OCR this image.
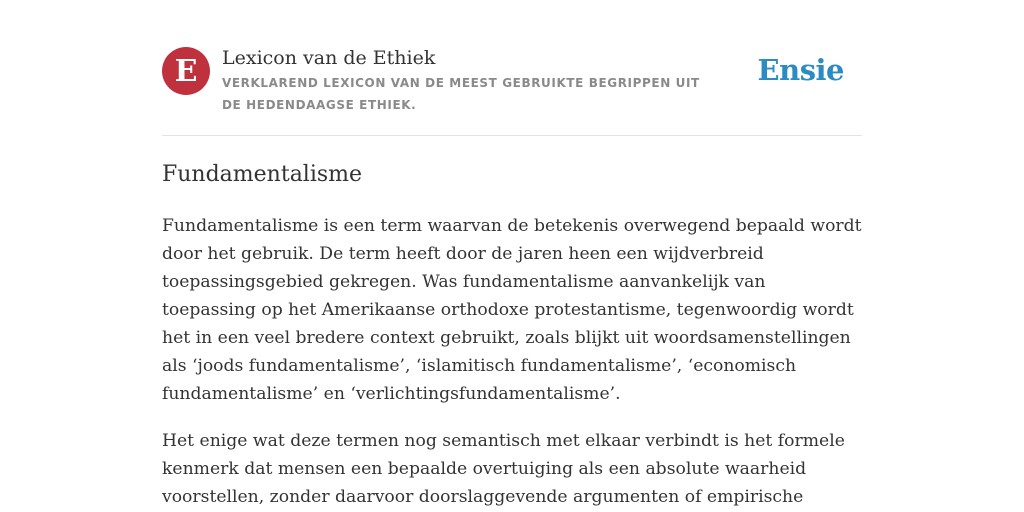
E Lexicon van de Ethiek
VERKLAREND LEXICON VAN DE MEEST GEBRUIKTE BEGRIPPEN UIT DE HEDENDAAGSE ETHIEK.
Ensie
Fundamentalisme

Fundamentalisme is een term waarvan de betekenis overwegend bepaald wordt door het gebruik. De term heeft door de jaren heen een wijdverbreid toepassingsgebied gekregen. Was fundamentalisme aanvankelijk van toepassing op het Amerikaanse orthodoxe protestantisme, tegenwoordig wordt het in een veel bredere context gebruikt, zoals blijkt uit woordsamenstellingen als ‘joods fundamentalisme’, ‘islamitisch fundamentalisme’, ‘economisch fundamentalisme’ en ‘verlichtingsfundamentalisme’.

Het enige wat deze termen nog semantisch met elkaar verbindt is het formele kenmerk dat mensen een bepaalde overtuiging als een absolute waarheid voorstellen, zonder daarvoor doorslaggevende argumenten of empirische
